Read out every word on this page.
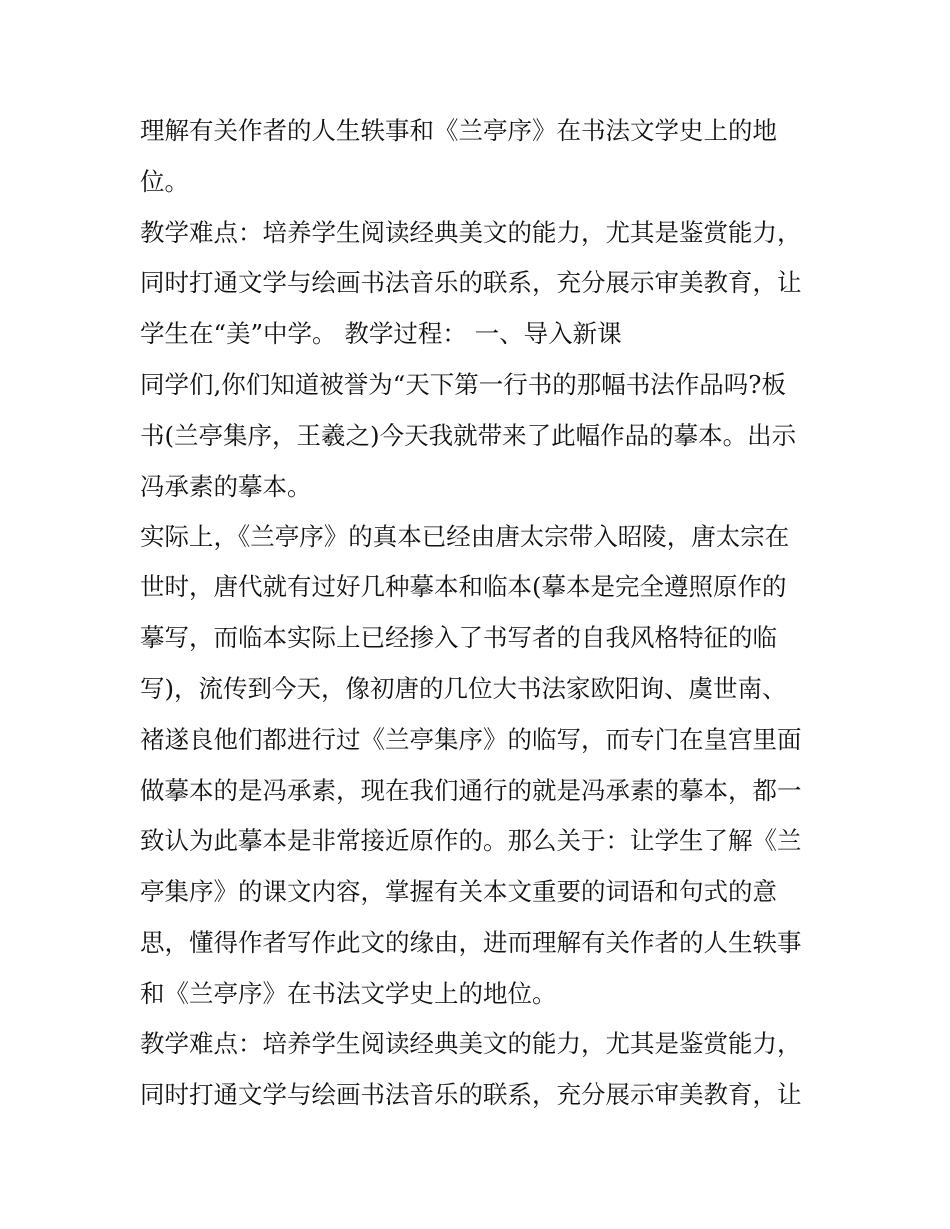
理解有关作者的人生轶事和《兰亭序》在书法文学史上的地
位。
教学难点：培养学生阅读经典美文的能力，尤其是鉴赏能力，
同时打通文学与绘画书法音乐的联系，充分展示审美教育，让
学生在“美”中学。 教学过程： 一、导入新课
同学们,你们知道被誉为“天下第一行书的那幅书法作品吗?板
书(兰亭集序，王羲之)今天我就带来了此幅作品的摹本。出示
冯承素的摹本。
实际上，《兰亭序》的真本已经由唐太宗带入昭陵，唐太宗在
世时，唐代就有过好几种摹本和临本(摹本是完全遵照原作的
摹写，而临本实际上已经掺入了书写者的自我风格特征的临
写)，流传到今天，像初唐的几位大书法家欧阳询、虞世南、
褚遂良他们都进行过《兰亭集序》的临写，而专门在皇宫里面
做摹本的是冯承素，现在我们通行的就是冯承素的摹本，都一
致认为此摹本是非常接近原作的。那么关于：让学生了解《兰
亭集序》的课文内容，掌握有关本文重要的词语和句式的意
思，懂得作者写作此文的缘由，进而理解有关作者的人生轶事
和《兰亭序》在书法文学史上的地位。
教学难点：培养学生阅读经典美文的能力，尤其是鉴赏能力，
同时打通文学与绘画书法音乐的联系，充分展示审美教育，让
